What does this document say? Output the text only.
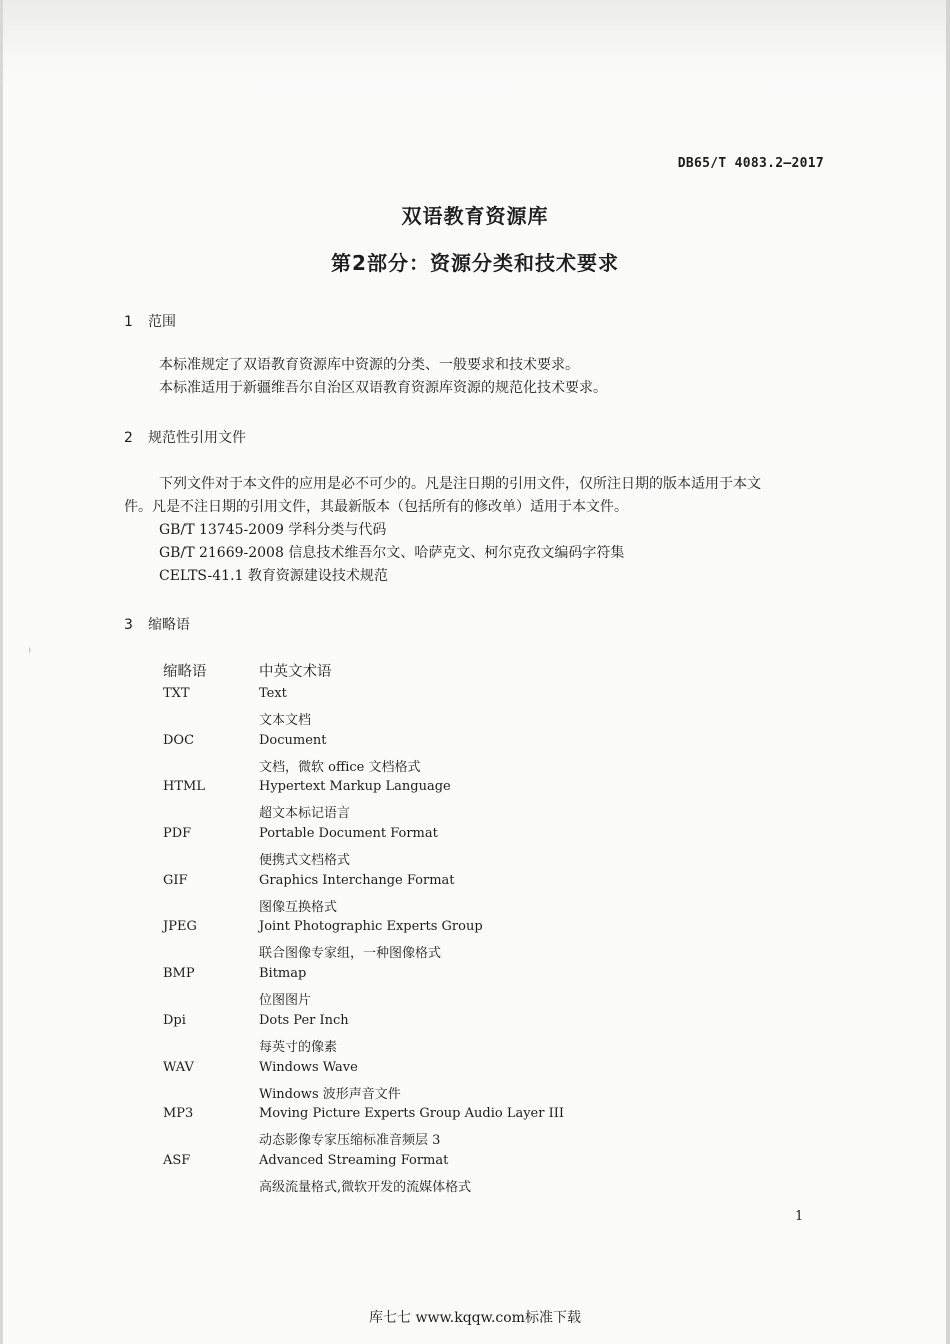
DB65/T 4083.2—2017
双语教育资源库
第2部分：资源分类和技术要求
1 范围
本标准规定了双语教育资源库中资源的分类、一般要求和技术要求。
本标准适用于新疆维吾尔自治区双语教育资源库资源的规范化技术要求。
2 规范性引用文件
下列文件对于本文件的应用是必不可少的。凡是注日期的引用文件，仅所注日期的版本适用于本文
件。凡是不注日期的引用文件，其最新版本（包括所有的修改单）适用于本文件。
GB/T 13745-2009 学科分类与代码
GB/T 21669-2008 信息技术维吾尔文、哈萨克文、柯尔克孜文编码字符集
CELTS-41.1 教育资源建设技术规范
3 缩略语
缩略语	中英文术语
TXT	Text
文本文档
DOC	Document
文档，微软 office 文档格式
HTML	Hypertext Markup Language
超文本标记语言
PDF	Portable Document Format
便携式文档格式
GIF	Graphics Interchange Format
图像互换格式
JPEG	Joint Photographic Experts Group
联合图像专家组，一种图像格式
BMP	Bitmap
位图图片
Dpi	Dots Per Inch
每英寸的像素
WAV	Windows Wave
Windows 波形声音文件
MP3	Moving Picture Experts Group Audio Layer III
动态影像专家压缩标准音频层 3
ASF	Advanced Streaming Format
高级流量格式,微软开发的流媒体格式
⁾
1
库七七 www.kqqw.com标准下载
